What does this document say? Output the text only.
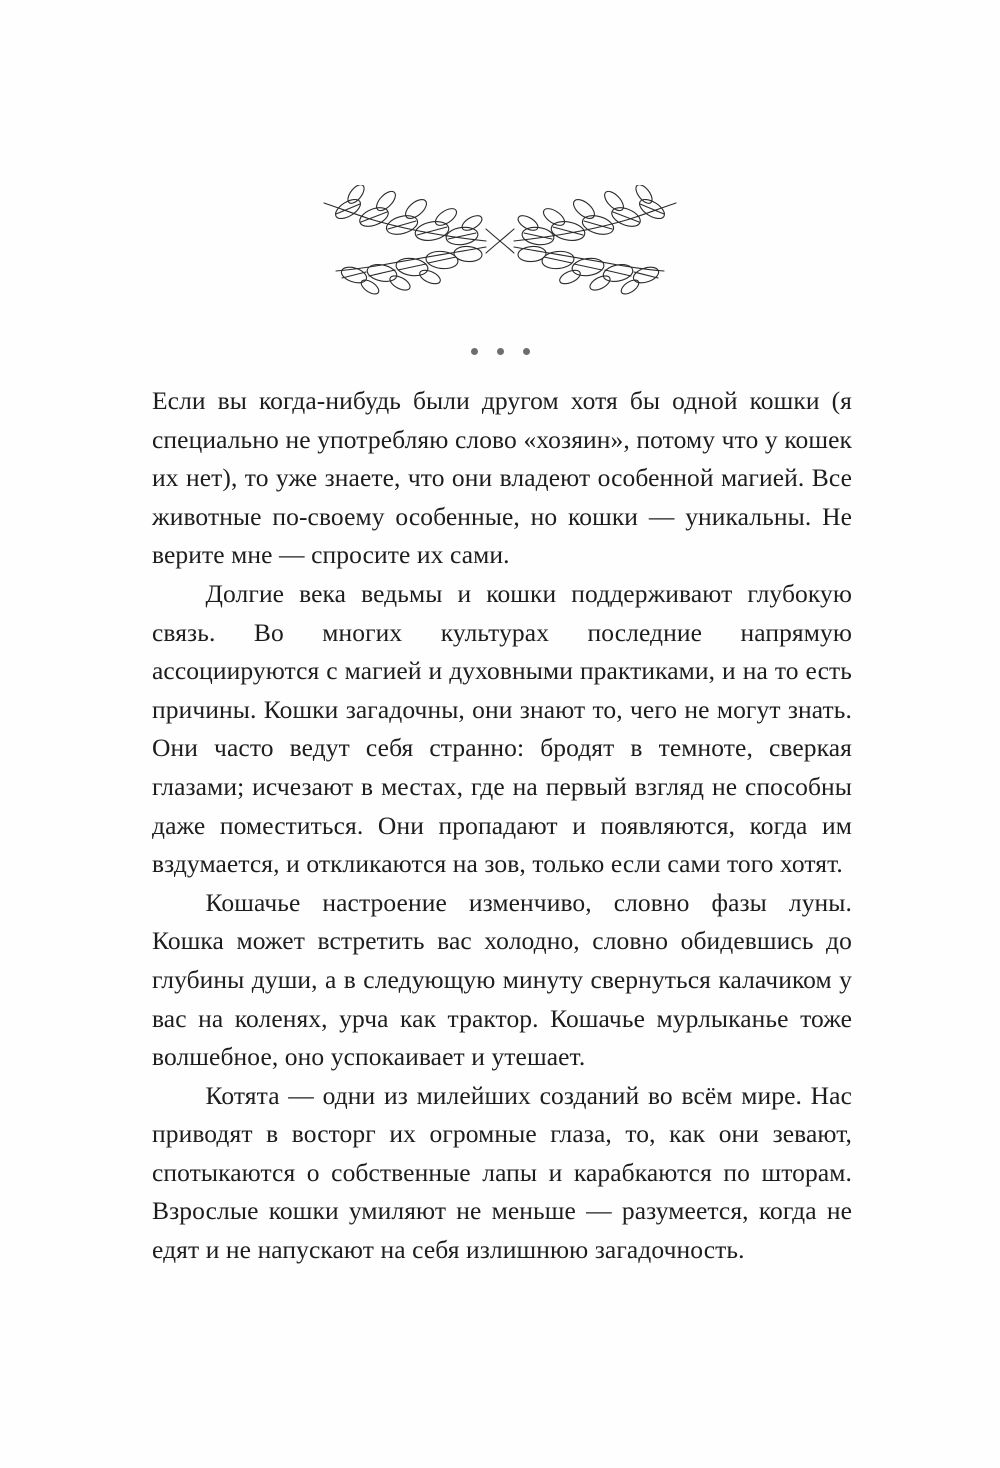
Если вы когда-нибудь были другом хотя бы одной кошки (я специально не употребляю слово «хозяин», потому что у кошек их нет), то уже знаете, что они владеют особенной магией. Все животные по-своему особенные, но кошки — уникальны. Не верите мне — спросите их сами.

Долгие века ведьмы и кошки поддерживают глубокую связь. Во многих культурах последние напрямую ассоциируются с магией и духовными практиками, и на то есть причины. Кошки загадочны, они знают то, чего не могут знать. Они часто ведут себя странно: бродят в темноте, сверкая глазами; исчезают в местах, где на первый взгляд не способны даже поместиться. Они пропадают и появляются, когда им вздумается, и откликаются на зов, только если сами того хотят.

Кошачье настроение изменчиво, словно фазы луны. Кошка может встретить вас холодно, словно обидевшись до глубины души, а в следующую минуту свернуться калачиком у вас на коленях, урча как трактор. Кошачье мурлыканье тоже волшебное, оно успокаивает и утешает.

Котята — одни из милейших созданий во всём мире. Нас приводят в восторг их огромные глаза, то, как они зевают, спотыкаются о собственные лапы и карабкаются по шторам. Взрослые кошки умиляют не меньше — разумеется, когда не едят и не напускают на себя излишнюю загадочность.
